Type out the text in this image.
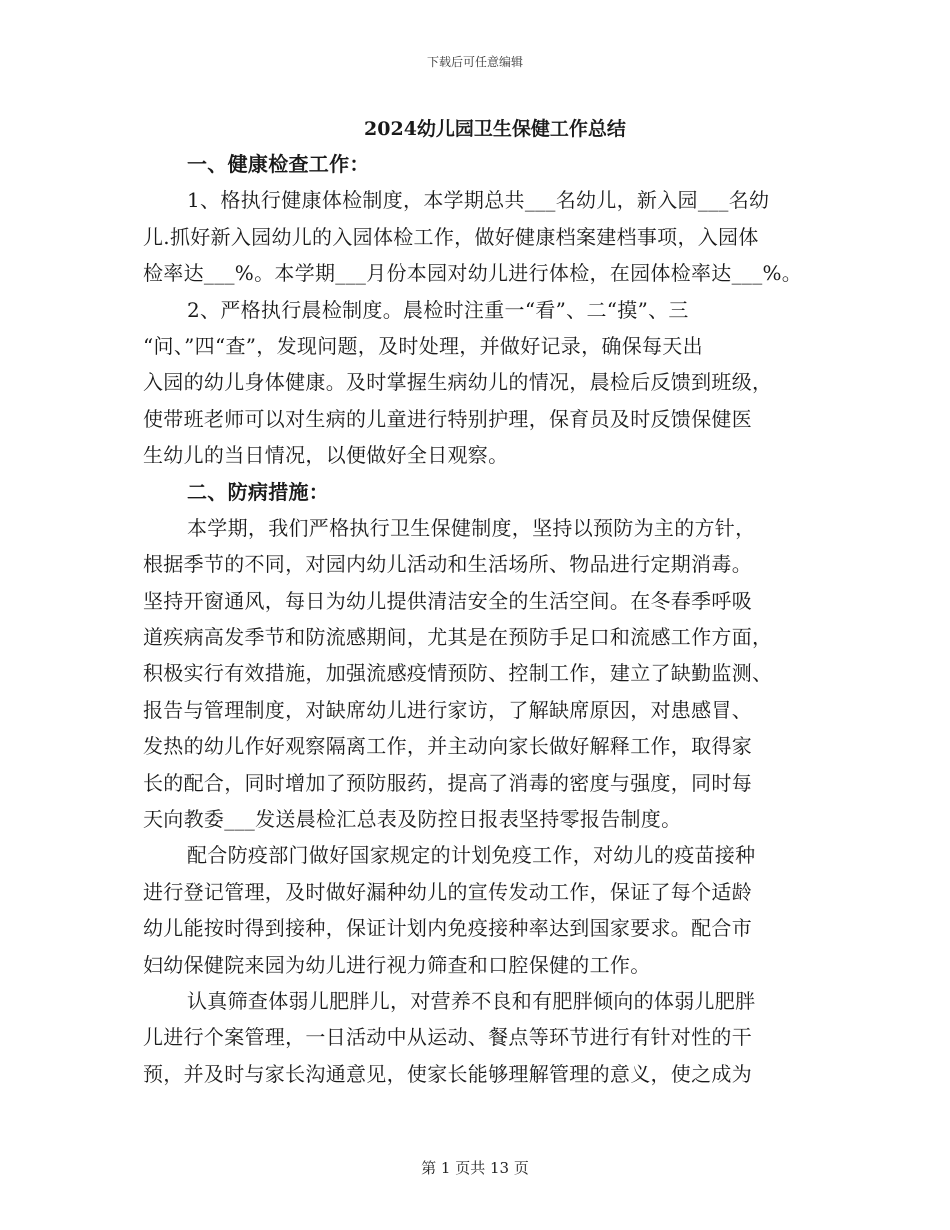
下载后可任意编辑
2024幼儿园卫生保健工作总结
一、健康检查工作：
1、格执行健康体检制度，本学期总共___名幼儿，新入园___名幼
儿.抓好新入园幼儿的入园体检工作，做好健康档案建档事项，入园体
检率达___%。本学期___月份本园对幼儿进行体检，在园体检率达___%。
2、严格执行晨检制度。晨检时注重一“看”、二“摸”、三
“问、”四“查”，发现问题，及时处理，并做好记录，确保每天出
入园的幼儿身体健康。及时掌握生病幼儿的情况，晨检后反馈到班级，
使带班老师可以对生病的儿童进行特别护理，保育员及时反馈保健医
生幼儿的当日情况，以便做好全日观察。
二、防病措施：
本学期，我们严格执行卫生保健制度，坚持以预防为主的方针，
根据季节的不同，对园内幼儿活动和生活场所、物品进行定期消毒。
坚持开窗通风，每日为幼儿提供清洁安全的生活空间。在冬春季呼吸
道疾病高发季节和防流感期间，尤其是在预防手足口和流感工作方面，
积极实行有效措施，加强流感疫情预防、控制工作，建立了缺勤监测、
报告与管理制度，对缺席幼儿进行家访，了解缺席原因，对患感冒、
发热的幼儿作好观察隔离工作，并主动向家长做好解释工作，取得家
长的配合，同时增加了预防服药，提高了消毒的密度与强度，同时每
天向教委___发送晨检汇总表及防控日报表坚持零报告制度。
配合防疫部门做好国家规定的计划免疫工作，对幼儿的疫苗接种
进行登记管理，及时做好漏种幼儿的宣传发动工作，保证了每个适龄
幼儿能按时得到接种，保证计划内免疫接种率达到国家要求。配合市
妇幼保健院来园为幼儿进行视力筛查和口腔保健的工作。
认真筛查体弱儿肥胖儿，对营养不良和有肥胖倾向的体弱儿肥胖
儿进行个案管理，一日活动中从运动、餐点等环节进行有针对性的干
预，并及时与家长沟通意见，使家长能够理解管理的意义，使之成为
第 1 页共 13 页
